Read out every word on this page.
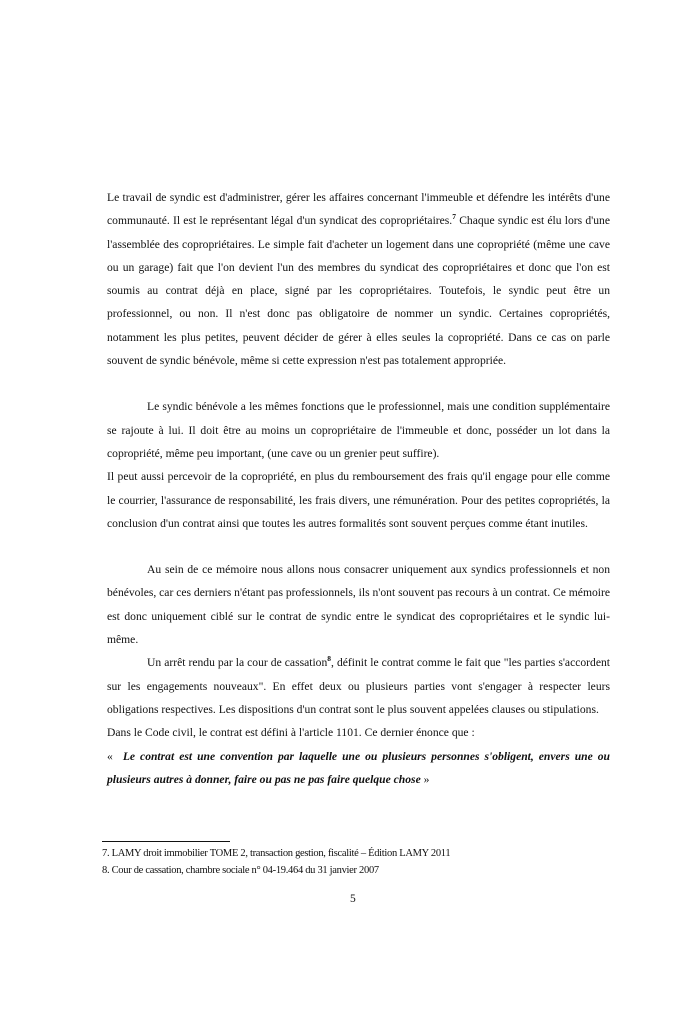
Le travail de syndic est d'administrer, gérer les affaires concernant l'immeuble et défendre les intérêts d'une communauté. Il est le représentant légal d'un syndicat des copropriétaires.$^7$ Chaque syndic est élu lors d'une l'assemblée des copropriétaires. Le simple fait d'acheter un logement dans une copropriété (même une cave ou un garage) fait que l'on devient l'un des membres du syndicat des copropriétaires et donc que l'on est soumis au contrat déjà en place, signé par les copropriétaires. Toutefois, le syndic peut être un professionnel, ou non. Il n'est donc pas obligatoire de nommer un syndic. Certaines copropriétés, notamment les plus petites, peuvent décider de gérer à elles seules la copropriété. Dans ce cas on parle souvent de syndic bénévole, même si cette expression n'est pas totalement appropriée.

Le syndic bénévole a les mêmes fonctions que le professionnel, mais une condition supplémentaire se rajoute à lui. Il doit être au moins un copropriétaire de l'immeuble et donc, posséder un lot dans la copropriété, même peu important, (une cave ou un grenier peut suffire).

Il peut aussi percevoir de la copropriété, en plus du remboursement des frais qu'il engage pour elle comme le courrier, l'assurance de responsabilité, les frais divers, une rémunération. Pour des petites copropriétés, la conclusion d'un contrat ainsi que toutes les autres formalités sont souvent perçues comme étant inutiles.

Au sein de ce mémoire nous allons nous consacrer uniquement aux syndics professionnels et non bénévoles, car ces derniers n'étant pas professionnels, ils n'ont souvent pas recours à un contrat. Ce mémoire est donc uniquement ciblé sur le contrat de syndic entre le syndicat des copropriétaires et le syndic lui-même.

Un arrêt rendu par la cour de cassation$^8$, définit le contrat comme le fait que "les parties s'accordent sur les engagements nouveaux". En effet deux ou plusieurs parties vont s'engager à respecter leurs obligations respectives. Les dispositions d'un contrat sont le plus souvent appelées clauses ou stipulations.

Dans le Code civil, le contrat est défini à l'article 1101. Ce dernier énonce que :

« Le contrat est une convention par laquelle une ou plusieurs personnes s'obligent, envers une ou plusieurs autres à donner, faire ou pas ne pas faire quelque chose »

7. LAMY droit immobilier TOME 2, transaction gestion, fiscalité – Édition LAMY 2011

8. Cour de cassation, chambre sociale n° 04-19.464 du 31 janvier 2007

5
